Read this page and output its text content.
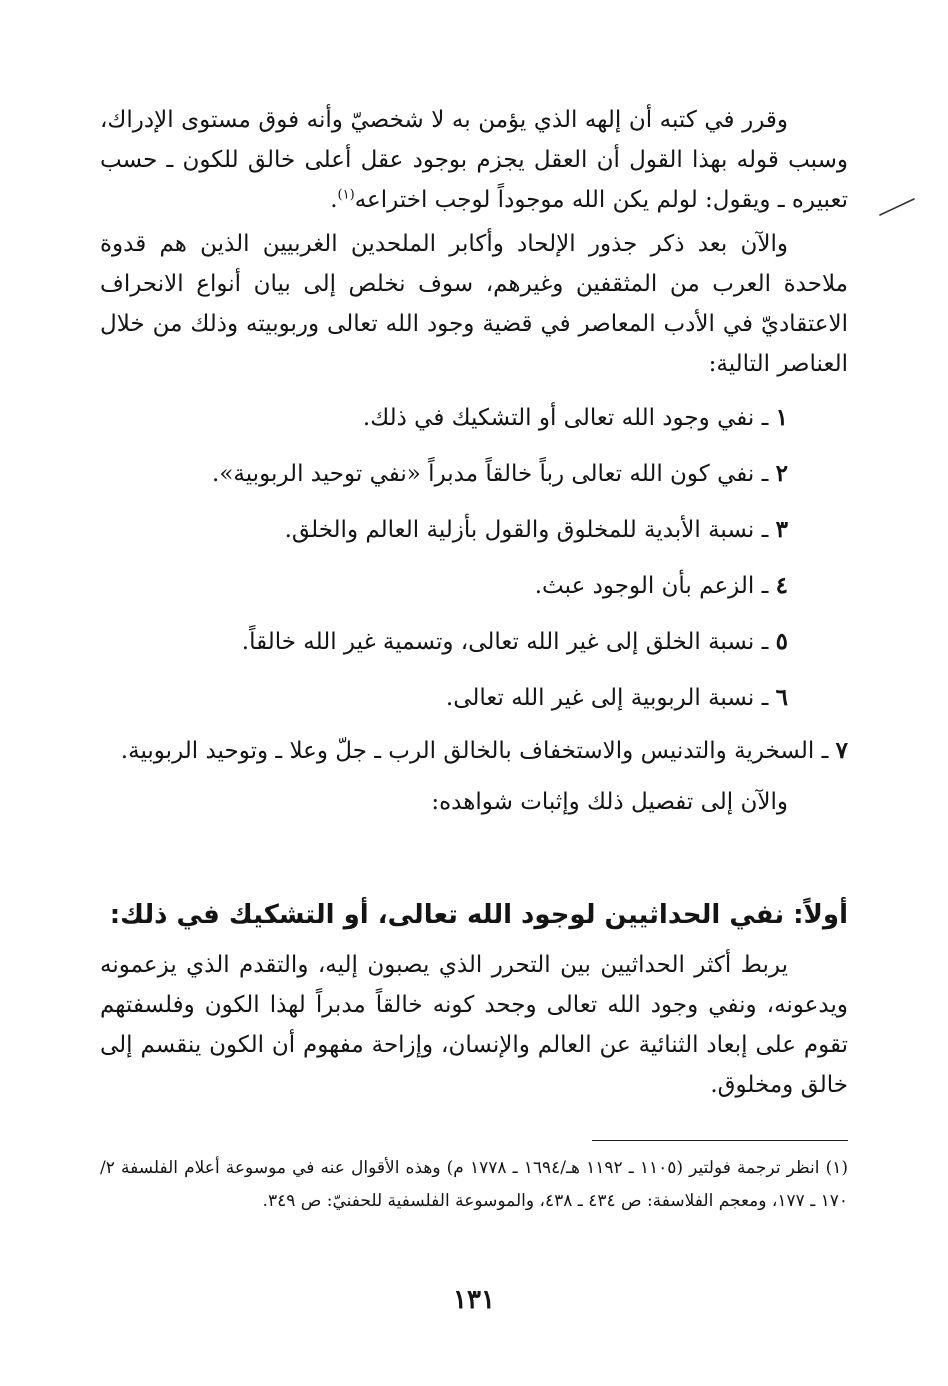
وقرر في كتبه أن إلهه الذي يؤمن به لا شخصيّ وأنه فوق مستوى الإدراك، وسبب قوله بهذا القول أن العقل يجزم بوجود عقل أعلى خالق للكون ـ حسب تعبيره ـ ويقول: لولم يكن الله موجوداً لوجب اختراعه$^{(١)}$.

والآن بعد ذكر جذور الإلحاد وأكابر الملحدين الغربيين الذين هم قدوة ملاحدة العرب من المثقفين وغيرهم، سوف نخلص إلى بيان أنواع الانحراف الاعتقاديّ في الأدب المعاصر في قضية وجود الله تعالى وربوبيته وذلك من خلال العناصر التالية:

١ ـ نفي وجود الله تعالى أو التشكيك في ذلك.
٢ ـ نفي كون الله تعالى رباً خالقاً مدبراً «نفي توحيد الربوبية».
٣ ـ نسبة الأبدية للمخلوق والقول بأزلية العالم والخلق.
٤ ـ الزعم بأن الوجود عبث.
٥ ـ نسبة الخلق إلى غير الله تعالى، وتسمية غير الله خالقاً.
٦ ـ نسبة الربوبية إلى غير الله تعالى.
٧ ـ السخرية والتدنيس والاستخفاف بالخالق الرب ـ جلّ وعلا ـ وتوحيد الربوبية.

والآن إلى تفصيل ذلك وإثبات شواهده:

أولاً: نفي الحداثيين لوجود الله تعالى، أو التشكيك في ذلك:

يربط أكثر الحداثيين بين التحرر الذي يصبون إليه، والتقدم الذي يزعمونه ويدعونه، ونفي وجود الله تعالى وجحد كونه خالقاً مدبراً لهذا الكون وفلسفتهم تقوم على إبعاد الثنائية عن العالم والإنسان، وإزاحة مفهوم أن الكون ينقسم إلى خالق ومخلوق.

(١) انظر ترجمة فولتير (١١٠٥ ـ ١١٩٢ هـ/١٦٩٤ ـ ١٧٧٨ م) وهذه الأقوال عنه في موسوعة أعلام الفلسفة ٢/ ١٧٠ ـ ١٧٧، ومعجم الفلاسفة: ص ٤٣٤ ـ ٤٣٨، والموسوعة الفلسفية للحفنيّ: ص ٣٤٩.
١٣١
